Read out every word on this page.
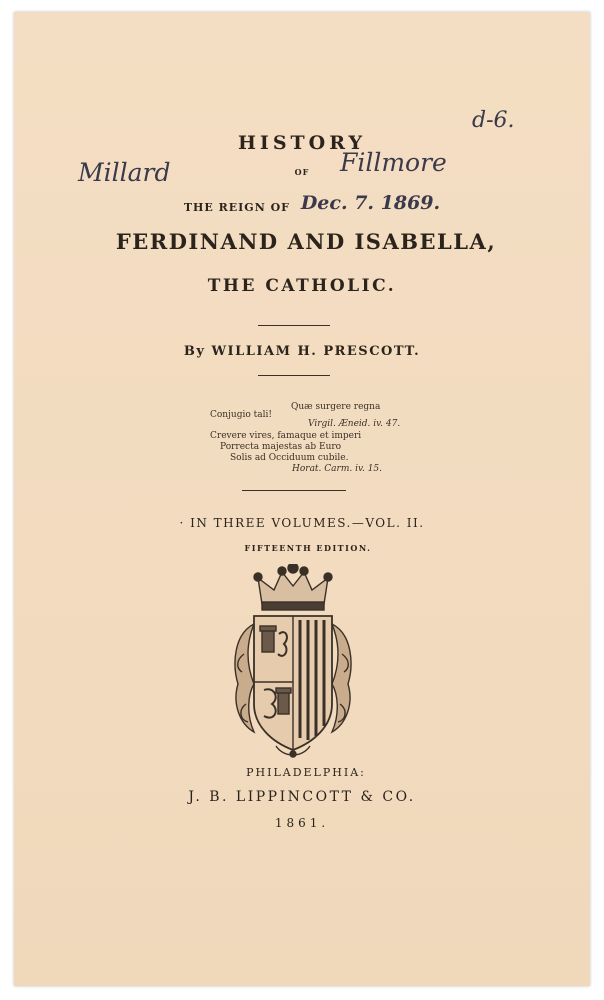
d-6.
HISTORY
Millard	OF	Fillmore
THE REIGN OF Dec. 7. 1869.
FERDINAND AND ISABELLA,
THE CATHOLIC.
By WILLIAM H. PRESCOTT.
Quæ surgere regna
Conjugio tali!
Virgil. Æneid. iv. 47.
Crevere vires, famaque et imperi
Porrecta majestas ab Euro
Solis ad Occiduum cubile.
Horat. Carm. iv. 15.
· IN THREE VOLUMES.—VOL. II.
FIFTEENTH EDITION.
PHILADELPHIA:
J. B. LIPPINCOTT & CO.
1861.
